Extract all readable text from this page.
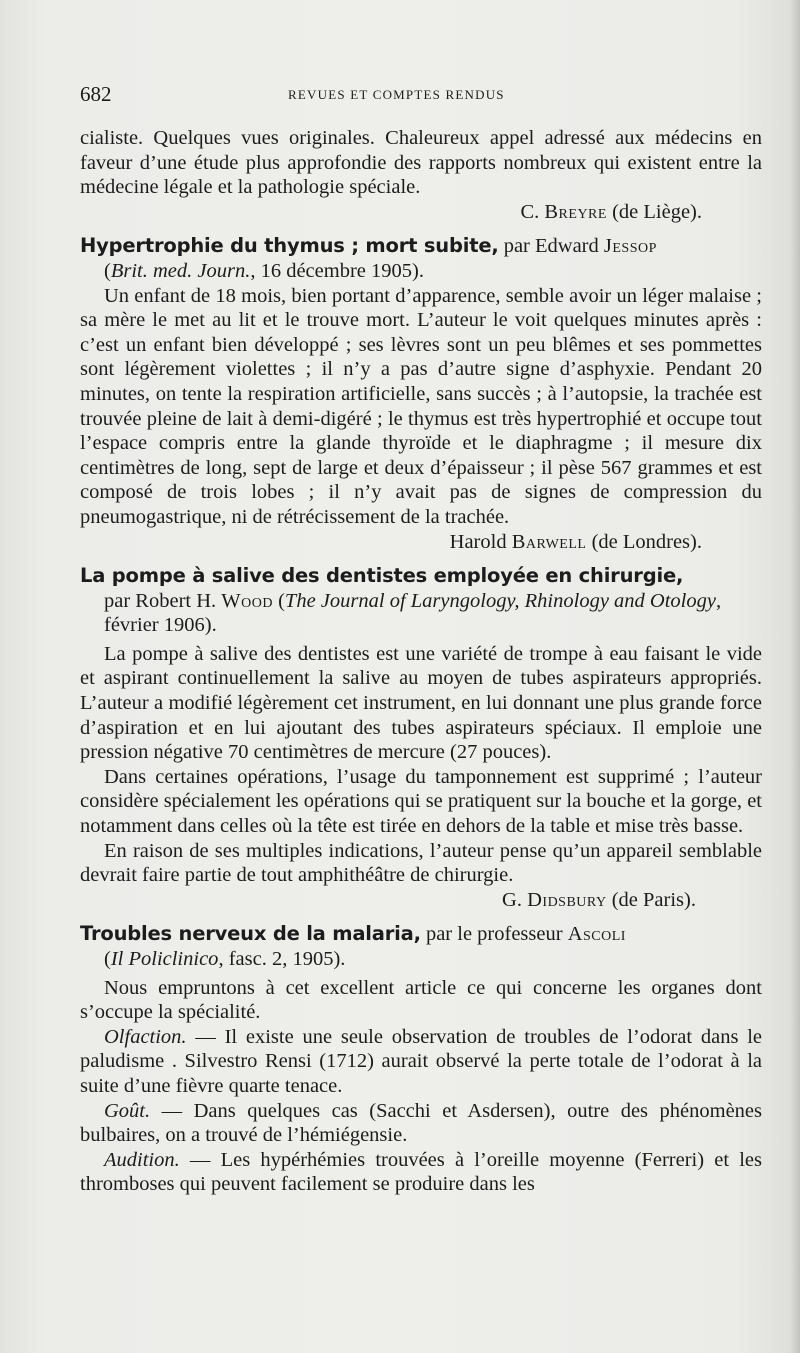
682	REVUES ET COMPTES RENDUS

cialiste. Quelques vues originales. Chaleureux appel adressé aux médecins en faveur d’une étude plus approfondie des rapports nombreux qui existent entre la médecine légale et la pathologie spéciale.

C. Breyre (de Liège).

Hypertrophie du thymus ; mort subite, par Edward Jessop
(Brit. med. Journ., 16 décembre 1905).

Un enfant de 18 mois, bien portant d’apparence, semble avoir un léger malaise ; sa mère le met au lit et le trouve mort. L’auteur le voit quelques minutes après : c’est un enfant bien développé ; ses lèvres sont un peu blêmes et ses pommettes sont légèrement violettes ; il n’y a pas d’autre signe d’asphyxie. Pendant 20 minutes, on tente la respiration artificielle, sans succès ; à l’autopsie, la trachée est trouvée pleine de lait à demi-digéré ; le thymus est très hypertrophié et occupe tout l’espace compris entre la glande thyroïde et le diaphragme ; il mesure dix centimètres de long, sept de large et deux d’épaisseur ; il pèse 567 grammes et est composé de trois lobes ; il n’y avait pas de signes de compression du pneumogastrique, ni de rétrécissement de la trachée.

Harold Barwell (de Londres).

La pompe à salive des dentistes employée en chirurgie,
par Robert H. Wood (The Journal of Laryngology, Rhinology and Otology, février 1906).

La pompe à salive des dentistes est une variété de trompe à eau faisant le vide et aspirant continuellement la salive au moyen de tubes aspirateurs appropriés. L’auteur a modifié légèrement cet instrument, en lui donnant une plus grande force d’aspiration et en lui ajoutant des tubes aspirateurs spéciaux. Il emploie une pression négative 70 centimètres de mercure (27 pouces).

Dans certaines opérations, l’usage du tamponnement est supprimé ; l’auteur considère spécialement les opérations qui se pratiquent sur la bouche et la gorge, et notamment dans celles où la tête est tirée en dehors de la table et mise très basse.

En raison de ses multiples indications, l’auteur pense qu’un appareil semblable devrait faire partie de tout amphithéâtre de chirurgie.

G. Didsbury (de Paris).

Troubles nerveux de la malaria, par le professeur Ascoli
(Il Policlinico, fasc. 2, 1905).

Nous empruntons à cet excellent article ce qui concerne les organes dont s’occupe la spécialité.

Olfaction. — Il existe une seule observation de troubles de l’odorat dans le paludisme . Silvestro Rensi (1712) aurait observé la perte totale de l’odorat à la suite d’une fièvre quarte tenace.

Goût. — Dans quelques cas (Sacchi et Asdersen), outre des phénomènes bulbaires, on a trouvé de l’hémiégensie.

Audition. — Les hypérhémies trouvées à l’oreille moyenne (Ferreri) et les thromboses qui peuvent facilement se produire dans les
